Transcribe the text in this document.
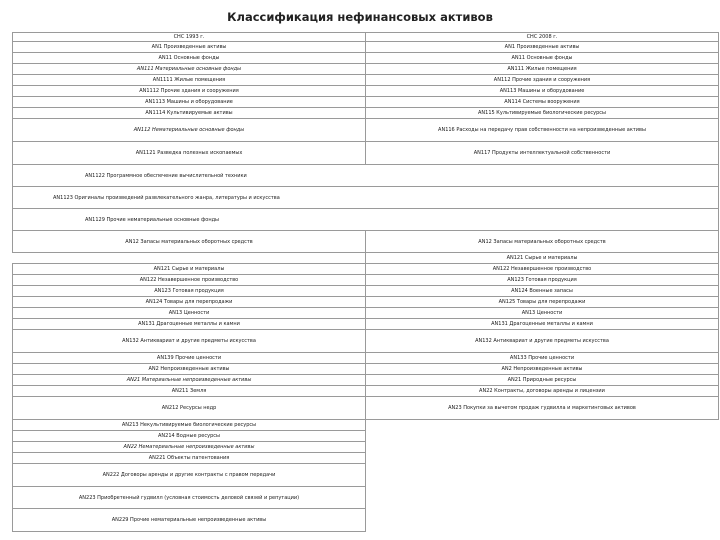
Классификация нефинансовых активов
СНС 1993 г.	СНС 2008 г.
AN1 Произведенные активы	AN1 Произведенные активы
AN11 Основные фонды	AN11 Основные фонды
AN111 Материальные основные фонды	AN111 Жилые помещения
AN1111 Жилые помещения	AN112 Прочие здания и сооружения
AN1112 Прочие здания и сооружения	AN113 Машины и оборудование
AN1113 Машины и оборудование	AN114 Системы вооружения
AN1114 Культивируемые активы	AN115 Культивируемые биологические ресурсы
AN112 Нематериальные основные фонды	AN116 Расходы на передачу прав собственности на непроизведенные активы
AN1121 Разведка полезных ископаемых	AN117 Продукты интеллектуальной собственности
AN1122 Программное обеспечение вычислительной техники	
AN1123 Оригиналы произведений развлекательного жанра, литературы и искусства	
AN1129 Прочие нематериальные основные фонды	
AN12 Запасы материальных оборотных средств	AN12 Запасы материальных оборотных средств
	AN121 Сырье и материалы
AN121 Сырье и материалы	AN122 Незавершенное производство
AN122 Незавершенное производство	AN123 Готовая продукция
AN123 Готовая продукция	AN124 Военные запасы
AN124 Товары для перепродажи	AN125 Товары для перепродажи
AN13 Ценности	AN13 Ценности
AN131 Драгоценные металлы и камни	AN131 Драгоценные металлы и камни
AN132 Антиквариат и другие предметы искусства	AN132 Антиквариат и другие предметы искусства
AN139 Прочие ценности	AN133 Прочие ценности
AN2 Непроизведенные активы	AN2 Непроизведенные активы
AN21 Материальные непроизведенные активы	AN21 Природные ресурсы
AN211 Земля	AN22 Контракты, договоры аренды и лицензии
AN212 Ресурсы недр	AN23 Покупки за вычетом продаж гудвилла и маркетинговых активов
AN213 Некультивируемые биологические ресурсы	
AN214 Водные ресурсы	
AN22 Нематериальные непроизведенные активы	
AN221 Объекты патентования	
AN222 Договоры аренды и другие контракты с правом передачи	
AN223 Приобретенный гудвилл (условная стоимость деловой связей и репутации)	
AN229 Прочие нематериальные непроизведенные активы	
